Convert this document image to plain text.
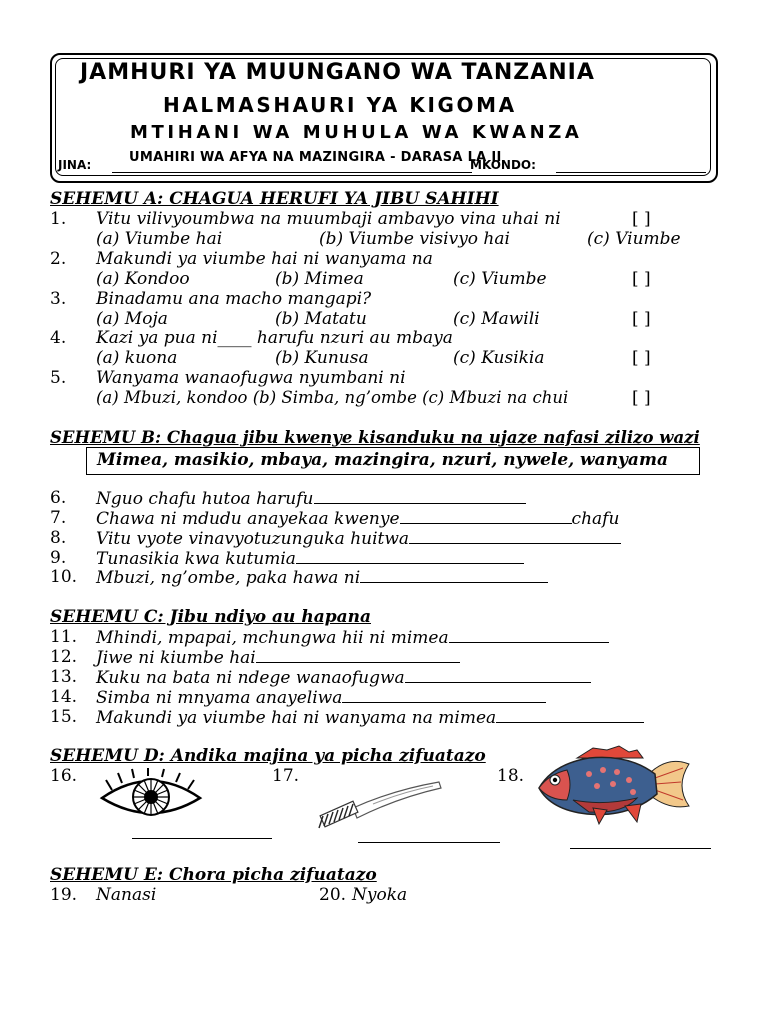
JAMHURI YA MUUNGANO WA TANZANIA
HALMASHAURI YA KIGOMA
MTIHANI WA MUHULA WA KWANZA
JINA:	UMAHIRI WA AFYA NA MAZINGIRA - DARASA LA II
MKONDO:
SEHEMU A: CHAGUA HERUFI YA JIBU SAHIHI
1. Vitu vilivyoumbwa na muumbaji ambavyo vina uhai ni	[ ]
(a) Viumbe hai	(b) Viumbe visivyo hai	(c) Viumbe
2. Makundi ya viumbe hai ni wanyama na
(a) Kondoo	(b) Mimea	(c) Viumbe	[ ]
3. Binadamu ana macho mangapi?
(a) Moja	(b) Matatu	(c) Mawili	[ ]
4. Kazi ya pua ni____ harufu nzuri au mbaya
(a) kuona	(b) Kunusa	(c) Kusikia	[ ]
5. Wanyama wanaofugwa nyumbani ni
(a) Mbuzi, kondoo (b) Simba, ng’ombe (c) Mbuzi na chui	[ ]
SEHEMU B: Chagua jibu kwenye kisanduku na ujaze nafasi zilizo wazi
Mimea, masikio, mbaya, mazingira, nzuri, nywele, wanyama
6. Nguo chafu hutoa harufu
7. Chawa ni mdudu anayekaa kwenye	chafu
8. Vitu vyote vinavyotuzunguka huitwa
9. Tunasikia kwa kutumia
10. Mbuzi, ng’ombe, paka hawa ni
SEHEMU C: Jibu ndiyo au hapana
11. Mhindi, mpapai, mchungwa hii ni mimea
12. Jiwe ni kiumbe hai
13. Kuku na bata ni ndege wanaofugwa
14. Simba ni mnyama anayeliwa
15. Makundi ya viumbe hai ni wanyama na mimea
SEHEMU D: Andika majina ya picha zifuatazo
16.	17.	18.
SEHEMU E: Chora picha zifuatazo
19. Nanasi	20. Nyoka
